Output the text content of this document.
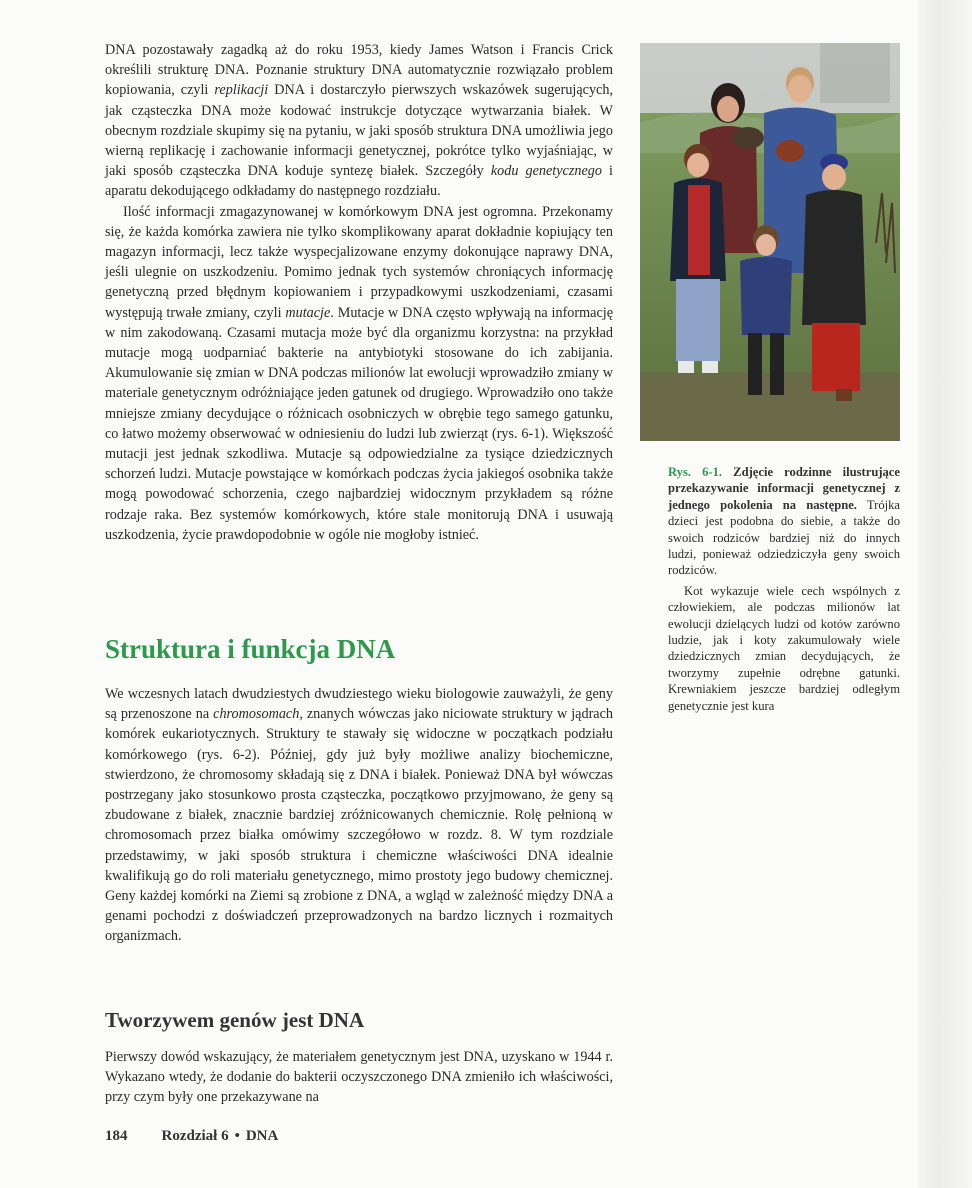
DNA pozostawały zagadką aż do roku 1953, kiedy James Watson i Francis Crick określili strukturę DNA. Poznanie struktury DNA automatycznie rozwiązało problem kopiowania, czyli replikacji DNA i dostarczyło pierwszych wskazówek sugerujących, jak cząsteczka DNA może kodować instrukcje dotyczące wytwarzania białek. W obecnym rozdziale skupimy się na pytaniu, w jaki sposób struktura DNA umożliwia jego wierną replikację i zachowanie informacji genetycznej, pokrótce tylko wyjaśniając, w jaki sposób cząsteczka DNA koduje syntezę białek. Szczegóły kodu genetycznego i aparatu dekodującego odkładamy do następnego rozdziału.

Ilość informacji zmagazynowanej w komórkowym DNA jest ogromna. Przekonamy się, że każda komórka zawiera nie tylko skomplikowany aparat dokładnie kopiujący ten magazyn informacji, lecz także wyspecjalizowane enzymy dokonujące naprawy DNA, jeśli ulegnie on uszkodzeniu. Pomimo jednak tych systemów chroniących informację genetyczną przed błędnym kopiowaniem i przypadkowymi uszkodzeniami, czasami występują trwałe zmiany, czyli mutacje. Mutacje w DNA często wpływają na informację w nim zakodowaną. Czasami mutacja może być dla organizmu korzystna: na przykład mutacje mogą uodparniać bakterie na antybiotyki stosowane do ich zabijania. Akumulowanie się zmian w DNA podczas milionów lat ewolucji wprowadziło zmiany w materiale genetycznym odróżniające jeden gatunek od drugiego. Wprowadziło ono także mniejsze zmiany decydujące o różnicach osobniczych w obrębie tego samego gatunku, co łatwo możemy obserwować w odniesieniu do ludzi lub zwierząt (rys. 6-1). Większość mutacji jest jednak szkodliwa. Mutacje są odpowiedzialne za tysiące dziedzicznych schorzeń ludzi. Mutacje powstające w komórkach podczas życia jakiegoś osobnika także mogą powodować schorzenia, czego najbardziej widocznym przykładem są różne rodzaje raka. Bez systemów komórkowych, które stale monitorują DNA i usuwają uszkodzenia, życie prawdopodobnie w ogóle nie mogłoby istnieć.

Struktura i funkcja DNA

We wczesnych latach dwudziestych dwudziestego wieku biologowie zauważyli, że geny są przenoszone na chromosomach, znanych wówczas jako niciowate struktury w jądrach komórek eukariotycznych. Struktury te stawały się widoczne w początkach podziału komórkowego (rys. 6-2). Później, gdy już były możliwe analizy biochemiczne, stwierdzono, że chromosomy składają się z DNA i białek. Ponieważ DNA był wówczas postrzegany jako stosunkowo prosta cząsteczka, początkowo przyjmowano, że geny są zbudowane z białek, znacznie bardziej zróżnicowanych chemicznie. Rolę pełnioną w chromosomach przez białka omówimy szczegółowo w rozdz. 8. W tym rozdziale przedstawimy, w jaki sposób struktura i chemiczne właściwości DNA idealnie kwalifikują go do roli materiału genetycznego, mimo prostoty jego budowy chemicznej. Geny każdej komórki na Ziemi są zrobione z DNA, a wgląd w zależność między DNA a genami pochodzi z doświadczeń przeprowadzonych na bardzo licznych i rozmaitych organizmach.

Tworzywem genów jest DNA

Pierwszy dowód wskazujący, że materiałem genetycznym jest DNA, uzyskano w 1944 r. Wykazano wtedy, że dodanie do bakterii oczyszczonego DNA zmieniło ich właściwości, przy czym były one przekazywane na

184 Rozdział 6 • DNA

Rys. 6-1. Zdjęcie rodzinne ilustrujące przekazywanie informacji genetycznej z jednego pokolenia na następne. Trójka dzieci jest podobna do siebie, a także do swoich rodziców bardziej niż do innych ludzi, ponieważ odziedziczyła geny swoich rodziców.

Kot wykazuje wiele cech wspólnych z człowiekiem, ale podczas milionów lat ewolucji dzielących ludzi od kotów zarówno ludzie, jak i koty zakumulowały wiele dziedzicznych zmian decydujących, że tworzymy zupełnie odrębne gatunki. Krewniakiem jeszcze bardziej odległym genetycznie jest kura
